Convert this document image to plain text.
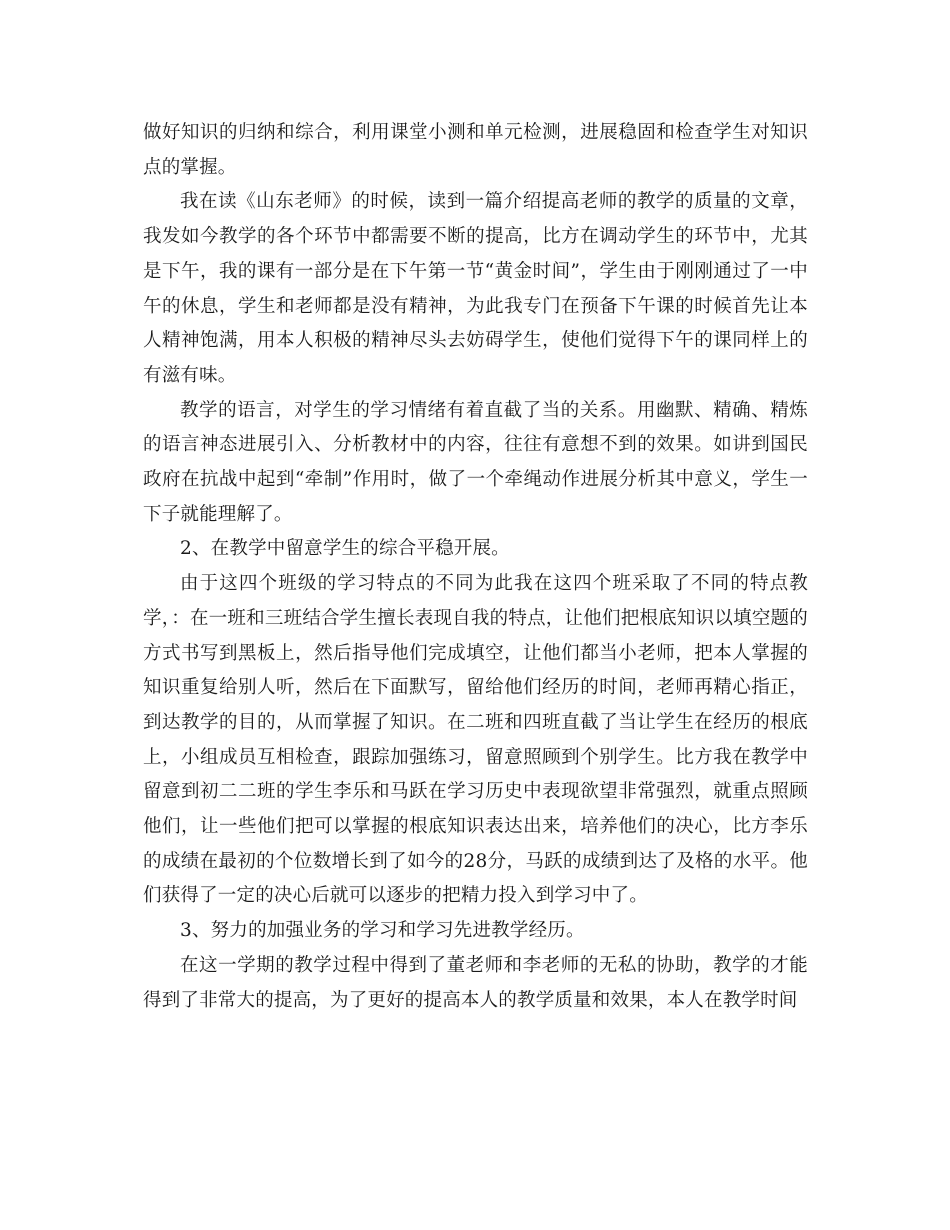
做好知识的归纳和综合，利用课堂小测和单元检测，进展稳固和检查学生对知识点的掌握。

我在读《山东老师》的时候，读到一篇介绍提高老师的教学的质量的文章，我发如今教学的各个环节中都需要不断的提高，比方在调动学生的环节中，尤其是下午，我的课有一部分是在下午第一节“黄金时间”，学生由于刚刚通过了一中午的休息，学生和老师都是没有精神，为此我专门在预备下午课的时候首先让本人精神饱满，用本人积极的精神尽头去妨碍学生，使他们觉得下午的课同样上的有滋有味。

教学的语言，对学生的学习情绪有着直截了当的关系。用幽默、精确、精炼的语言神态进展引入、分析教材中的内容，往往有意想不到的效果。如讲到国民政府在抗战中起到“牵制”作用时，做了一个牵绳动作进展分析其中意义，学生一下子就能理解了。

2、在教学中留意学生的综合平稳开展。

由于这四个班级的学习特点的不同为此我在这四个班采取了不同的特点教学，：在一班和三班结合学生擅长表现自我的特点，让他们把根底知识以填空题的方式书写到黑板上，然后指导他们完成填空，让他们都当小老师，把本人掌握的知识重复给别人听，然后在下面默写，留给他们经历的时间，老师再精心指正，到达教学的目的，从而掌握了知识。在二班和四班直截了当让学生在经历的根底上，小组成员互相检查，跟踪加强练习，留意照顾到个别学生。比方我在教学中留意到初二二班的学生李乐和马跃在学习历史中表现欲望非常强烈，就重点照顾他们，让一些他们把可以掌握的根底知识表达出来，培养他们的决心，比方李乐的成绩在最初的个位数增长到了如今的28分，马跃的成绩到达了及格的水平。他们获得了一定的决心后就可以逐步的把精力投入到学习中了。

3、努力的加强业务的学习和学习先进教学经历。

在这一学期的教学过程中得到了董老师和李老师的无私的协助，教学的才能得到了非常大的提高，为了更好的提高本人的教学质量和效果，本人在教学时间
